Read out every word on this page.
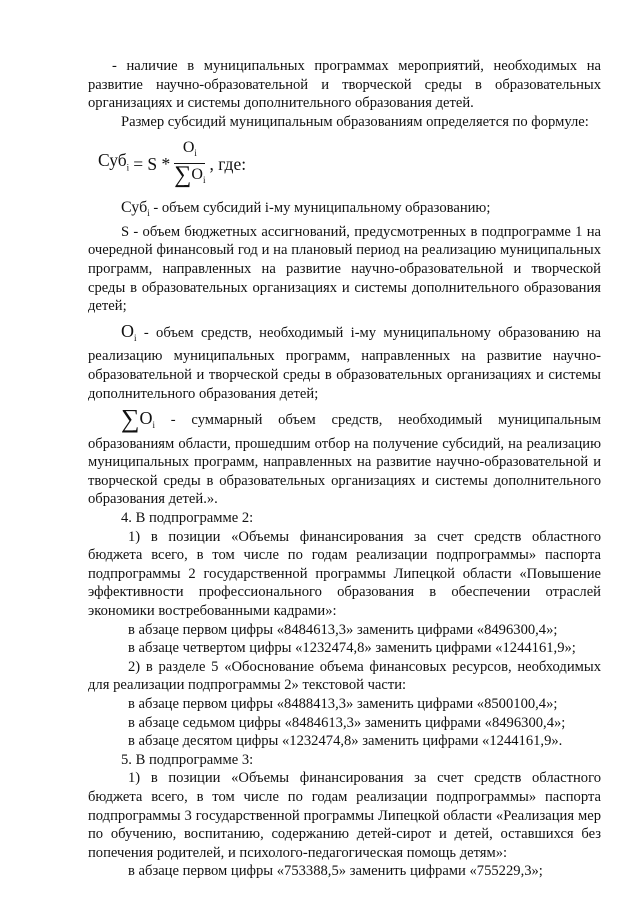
- наличие в муниципальных программах мероприятий, необходимых на развитие научно-образовательной и творческой среды в образовательных организациях и системы дополнительного образования детей.

Размер субсидий муниципальным образованиям определяется по формуле:

$Суб_i = S * \frac{O_i}{\sum O_i}$ , где:

Суб$_i$ - объем субсидий i-му муниципальному образованию;

S - объем бюджетных ассигнований, предусмотренных в подпрограмме 1 на очередной финансовый год и на плановый период на реализацию муниципальных программ, направленных на развитие научно-образовательной и творческой среды в образовательных организациях и системы дополнительного образования детей;

$O_i$ - объем средств, необходимый i-му муниципальному образованию на реализацию муниципальных программ, направленных на развитие научно-образовательной и творческой среды в образовательных организациях и системы дополнительного образования детей;

$\sum O_i$ - суммарный объем средств, необходимый муниципальным образованиям области, прошедшим отбор на получение субсидий, на реализацию муниципальных программ, направленных на развитие научно-образовательной и творческой среды в образовательных организациях и системы дополнительного образования детей.».

4. В подпрограмме 2:

1) в позиции «Объемы финансирования за счет средств областного бюджета всего, в том числе по годам реализации подпрограммы» паспорта подпрограммы 2 государственной программы Липецкой области «Повышение эффективности профессионального образования в обеспечении отраслей экономики востребованными кадрами»:

в абзаце первом цифры «8484613,3» заменить цифрами «8496300,4»;

в абзаце четвертом цифры «1232474,8» заменить цифрами «1244161,9»;

2) в разделе 5 «Обоснование объема финансовых ресурсов, необходимых для реализации подпрограммы 2» текстовой части:

в абзаце первом цифры «8488413,3» заменить цифрами «8500100,4»;

в абзаце седьмом цифры «8484613,3» заменить цифрами «8496300,4»;

в абзаце десятом цифры «1232474,8» заменить цифрами «1244161,9».

5. В подпрограмме 3:

1) в позиции «Объемы финансирования за счет средств областного бюджета всего, в том числе по годам реализации подпрограммы» паспорта подпрограммы 3 государственной программы Липецкой области «Реализация мер по обучению, воспитанию, содержанию детей-сирот и детей, оставшихся без попечения родителей, и психолого-педагогическая помощь детям»:

в абзаце первом цифры «753388,5» заменить цифрами «755229,3»;
